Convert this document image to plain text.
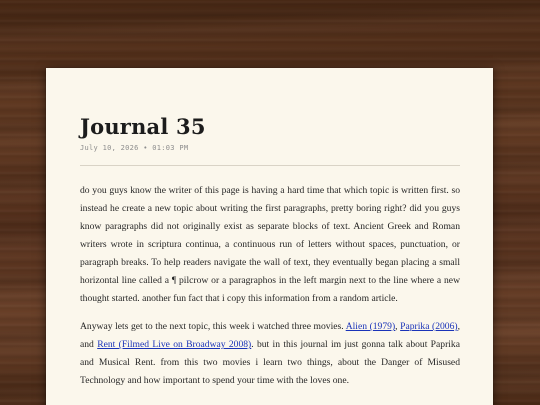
Journal 35
July 10, 2026 • 01:03 PM

do you guys know the writer of this page is having a hard time that which topic is written first. so instead he create a new topic about writing the first paragraphs, pretty boring right? did you guys know paragraphs did not originally exist as separate blocks of text. Ancient Greek and Roman writers wrote in scriptura continua, a continuous run of letters without spaces, punctuation, or paragraph breaks. To help readers navigate the wall of text, they eventually began placing a small horizontal line called a ¶ pilcrow or a paragraphos in the left margin next to the line where a new thought started. another fun fact that i copy this information from a random article.

Anyway lets get to the next topic, this week i watched three movies. Alien (1979), Paprika (2006), and Rent (Filmed Live on Broadway 2008). but in this journal im just gonna talk about Paprika and Musical Rent. from this two movies i learn two things, about the Danger of Misused Technology and how important to spend your time with the loves one.
